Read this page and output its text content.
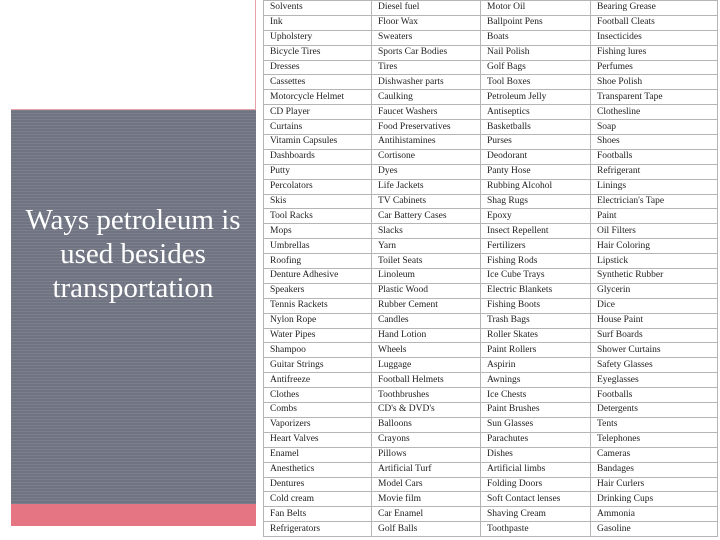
Ways petroleum is used besides transportation
Solvents	Diesel fuel	Motor Oil	Bearing Grease
Ink	Floor Wax	Ballpoint Pens	Football Cleats
Upholstery	Sweaters	Boats	Insecticides
Bicycle Tires	Sports Car Bodies	Nail Polish	Fishing lures
Dresses	Tires	Golf Bags	Perfumes
Cassettes	Dishwasher parts	Tool Boxes	Shoe Polish
Motorcycle Helmet	Caulking	Petroleum Jelly	Transparent Tape
CD Player	Faucet Washers	Antiseptics	Clothesline
Curtains	Food Preservatives	Basketballs	Soap
Vitamin Capsules	Antihistamines	Purses	Shoes
Dashboards	Cortisone	Deodorant	Footballs
Putty	Dyes	Panty Hose	Refrigerant
Percolators	Life Jackets	Rubbing Alcohol	Linings
Skis	TV Cabinets	Shag Rugs	Electrician's Tape
Tool Racks	Car Battery Cases	Epoxy	Paint
Mops	Slacks	Insect Repellent	Oil Filters
Umbrellas	Yarn	Fertilizers	Hair Coloring
Roofing	Toilet Seats	Fishing Rods	Lipstick
Denture Adhesive	Linoleum	Ice Cube Trays	Synthetic Rubber
Speakers	Plastic Wood	Electric Blankets	Glycerin
Tennis Rackets	Rubber Cement	Fishing Boots	Dice
Nylon Rope	Candles	Trash Bags	House Paint
Water Pipes	Hand Lotion	Roller Skates	Surf Boards
Shampoo	Wheels	Paint Rollers	Shower Curtains
Guitar Strings	Luggage	Aspirin	Safety Glasses
Antifreeze	Football Helmets	Awnings	Eyeglasses
Clothes	Toothbrushes	Ice Chests	Footballs
Combs	CD's & DVD's	Paint Brushes	Detergents
Vaporizers	Balloons	Sun Glasses	Tents
Heart Valves	Crayons	Parachutes	Telephones
Enamel	Pillows	Dishes	Cameras
Anesthetics	Artificial Turf	Artificial limbs	Bandages
Dentures	Model Cars	Folding Doors	Hair Curlers
Cold cream	Movie film	Soft Contact lenses	Drinking Cups
Fan Belts	Car Enamel	Shaving Cream	Ammonia
Refrigerators	Golf Balls	Toothpaste	Gasoline
